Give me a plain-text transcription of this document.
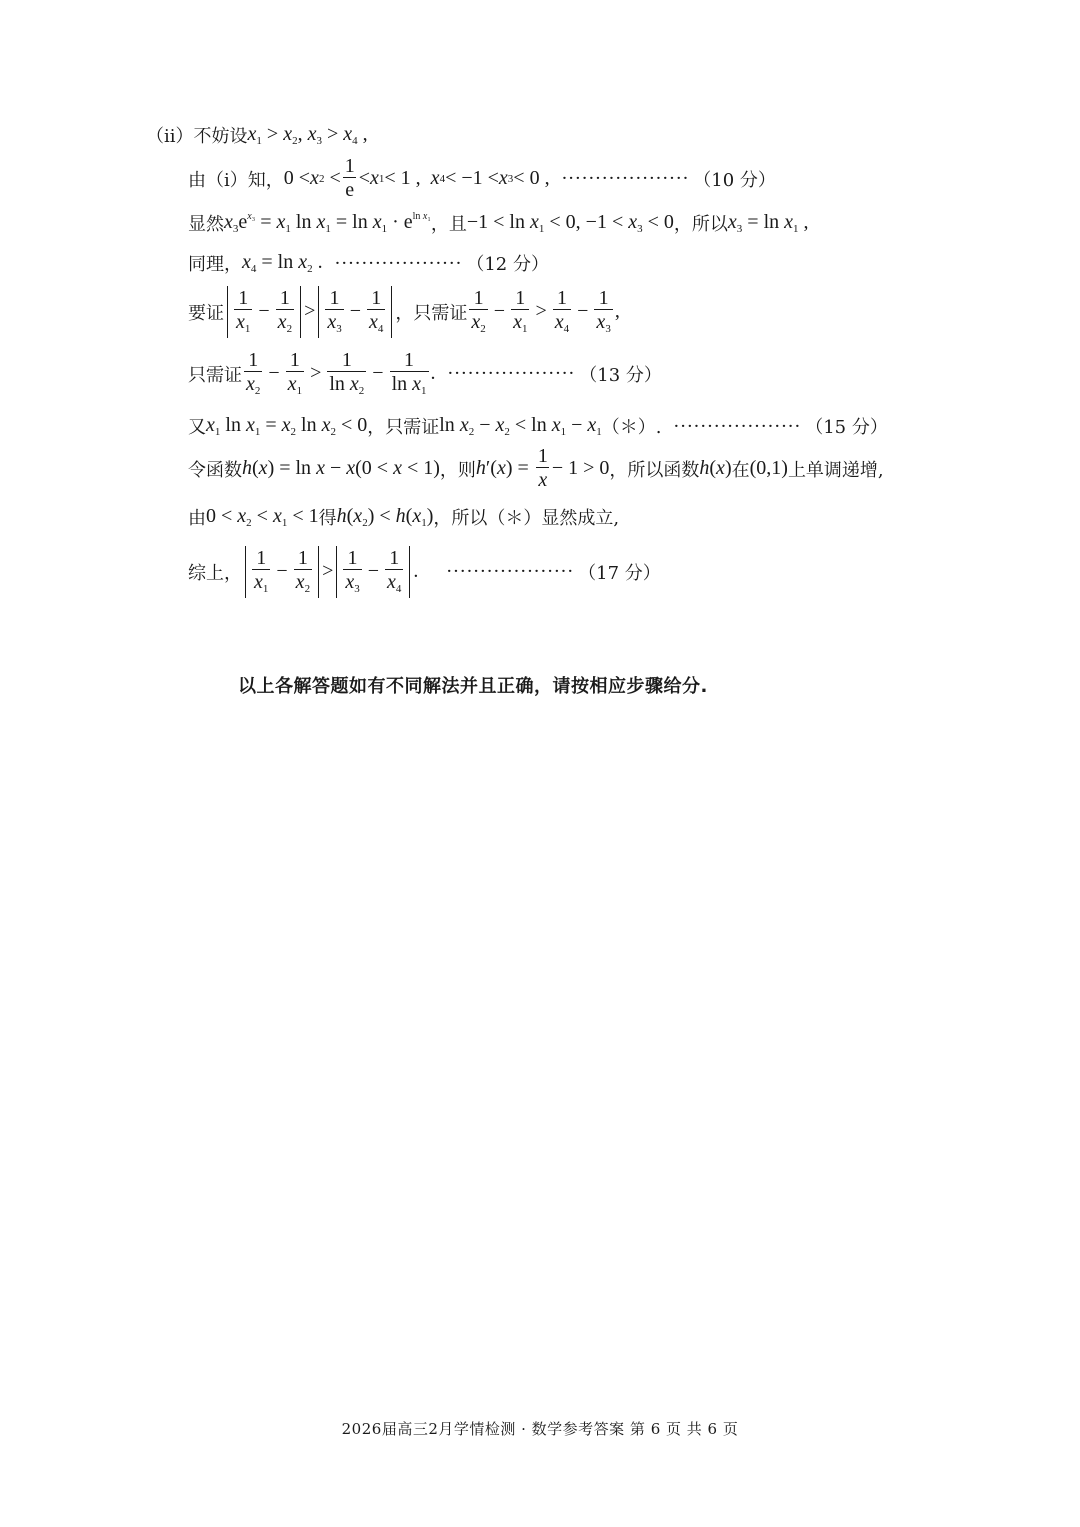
（ⅱ）不妨设 $x_1 > x_2$, $x_3 > x_4$ ,
由（ⅰ）知， 0 < x $2 < \frac{1}{e} < x$ 1 < 1 , x 4 < −1 < x 3 < 0 , ··················· （10 分）
显然 $x_3e^{x_3} = x_1$ $\ln x_1 = \ln x_1 \cdot e^{ln x_1}$ ，且 $-1 < \ln x_1 < 0$, $-1 < x_3 < 0$ ，所以 $x_3 = \ln x_1$ ,
同理， $x_4 = \ln x_2$ . ··················· （12 分）
要证 $\frac{1}{x_1} - \frac{1}{x_2} > \frac{1}{x_3} - \frac{1}{x_4}$ ，只需证 $\frac{1}{x_2} - \frac{1}{x_1} > \frac{1}{x_4} - \frac{1}{x_3}$ ,
只需证 $\frac{1}{x_2} - \frac{1}{x_1} > \frac{1}{\ln x_2} - \frac{1}{\ln x_1}$ . ··················· （13 分）
又 $x_1$ $\ln x_1 = x_2$ $\ln x_2 < 0$ ，只需证 $\ln x_2 - x_2 < \ln x_1 - x_1$ （＊）. ··················· （15 分）
令函数 h(x) = ln x − x(0 < x < 1) ，则 h ′( x ) = $\frac{1}{x} - 1 > 0$ ，所以函数 h(x) 在 (0,1) 上单调递增,
由 $0 < x_2 < x_1 < 1$ 得 $h(x_2) < h(x_1)$ ，所以（＊）显然成立,
综上， $\frac{1}{x_1} - \frac{1}{x_2} > \frac{1}{x_3} - \frac{1}{x_4}$ . ··················· （17 分）
以上各解答题如有不同解法并且正确，请按相应步骤给分.
2026届高三2月学情检测 · 数学参考答案 第 6 页 共 6 页
